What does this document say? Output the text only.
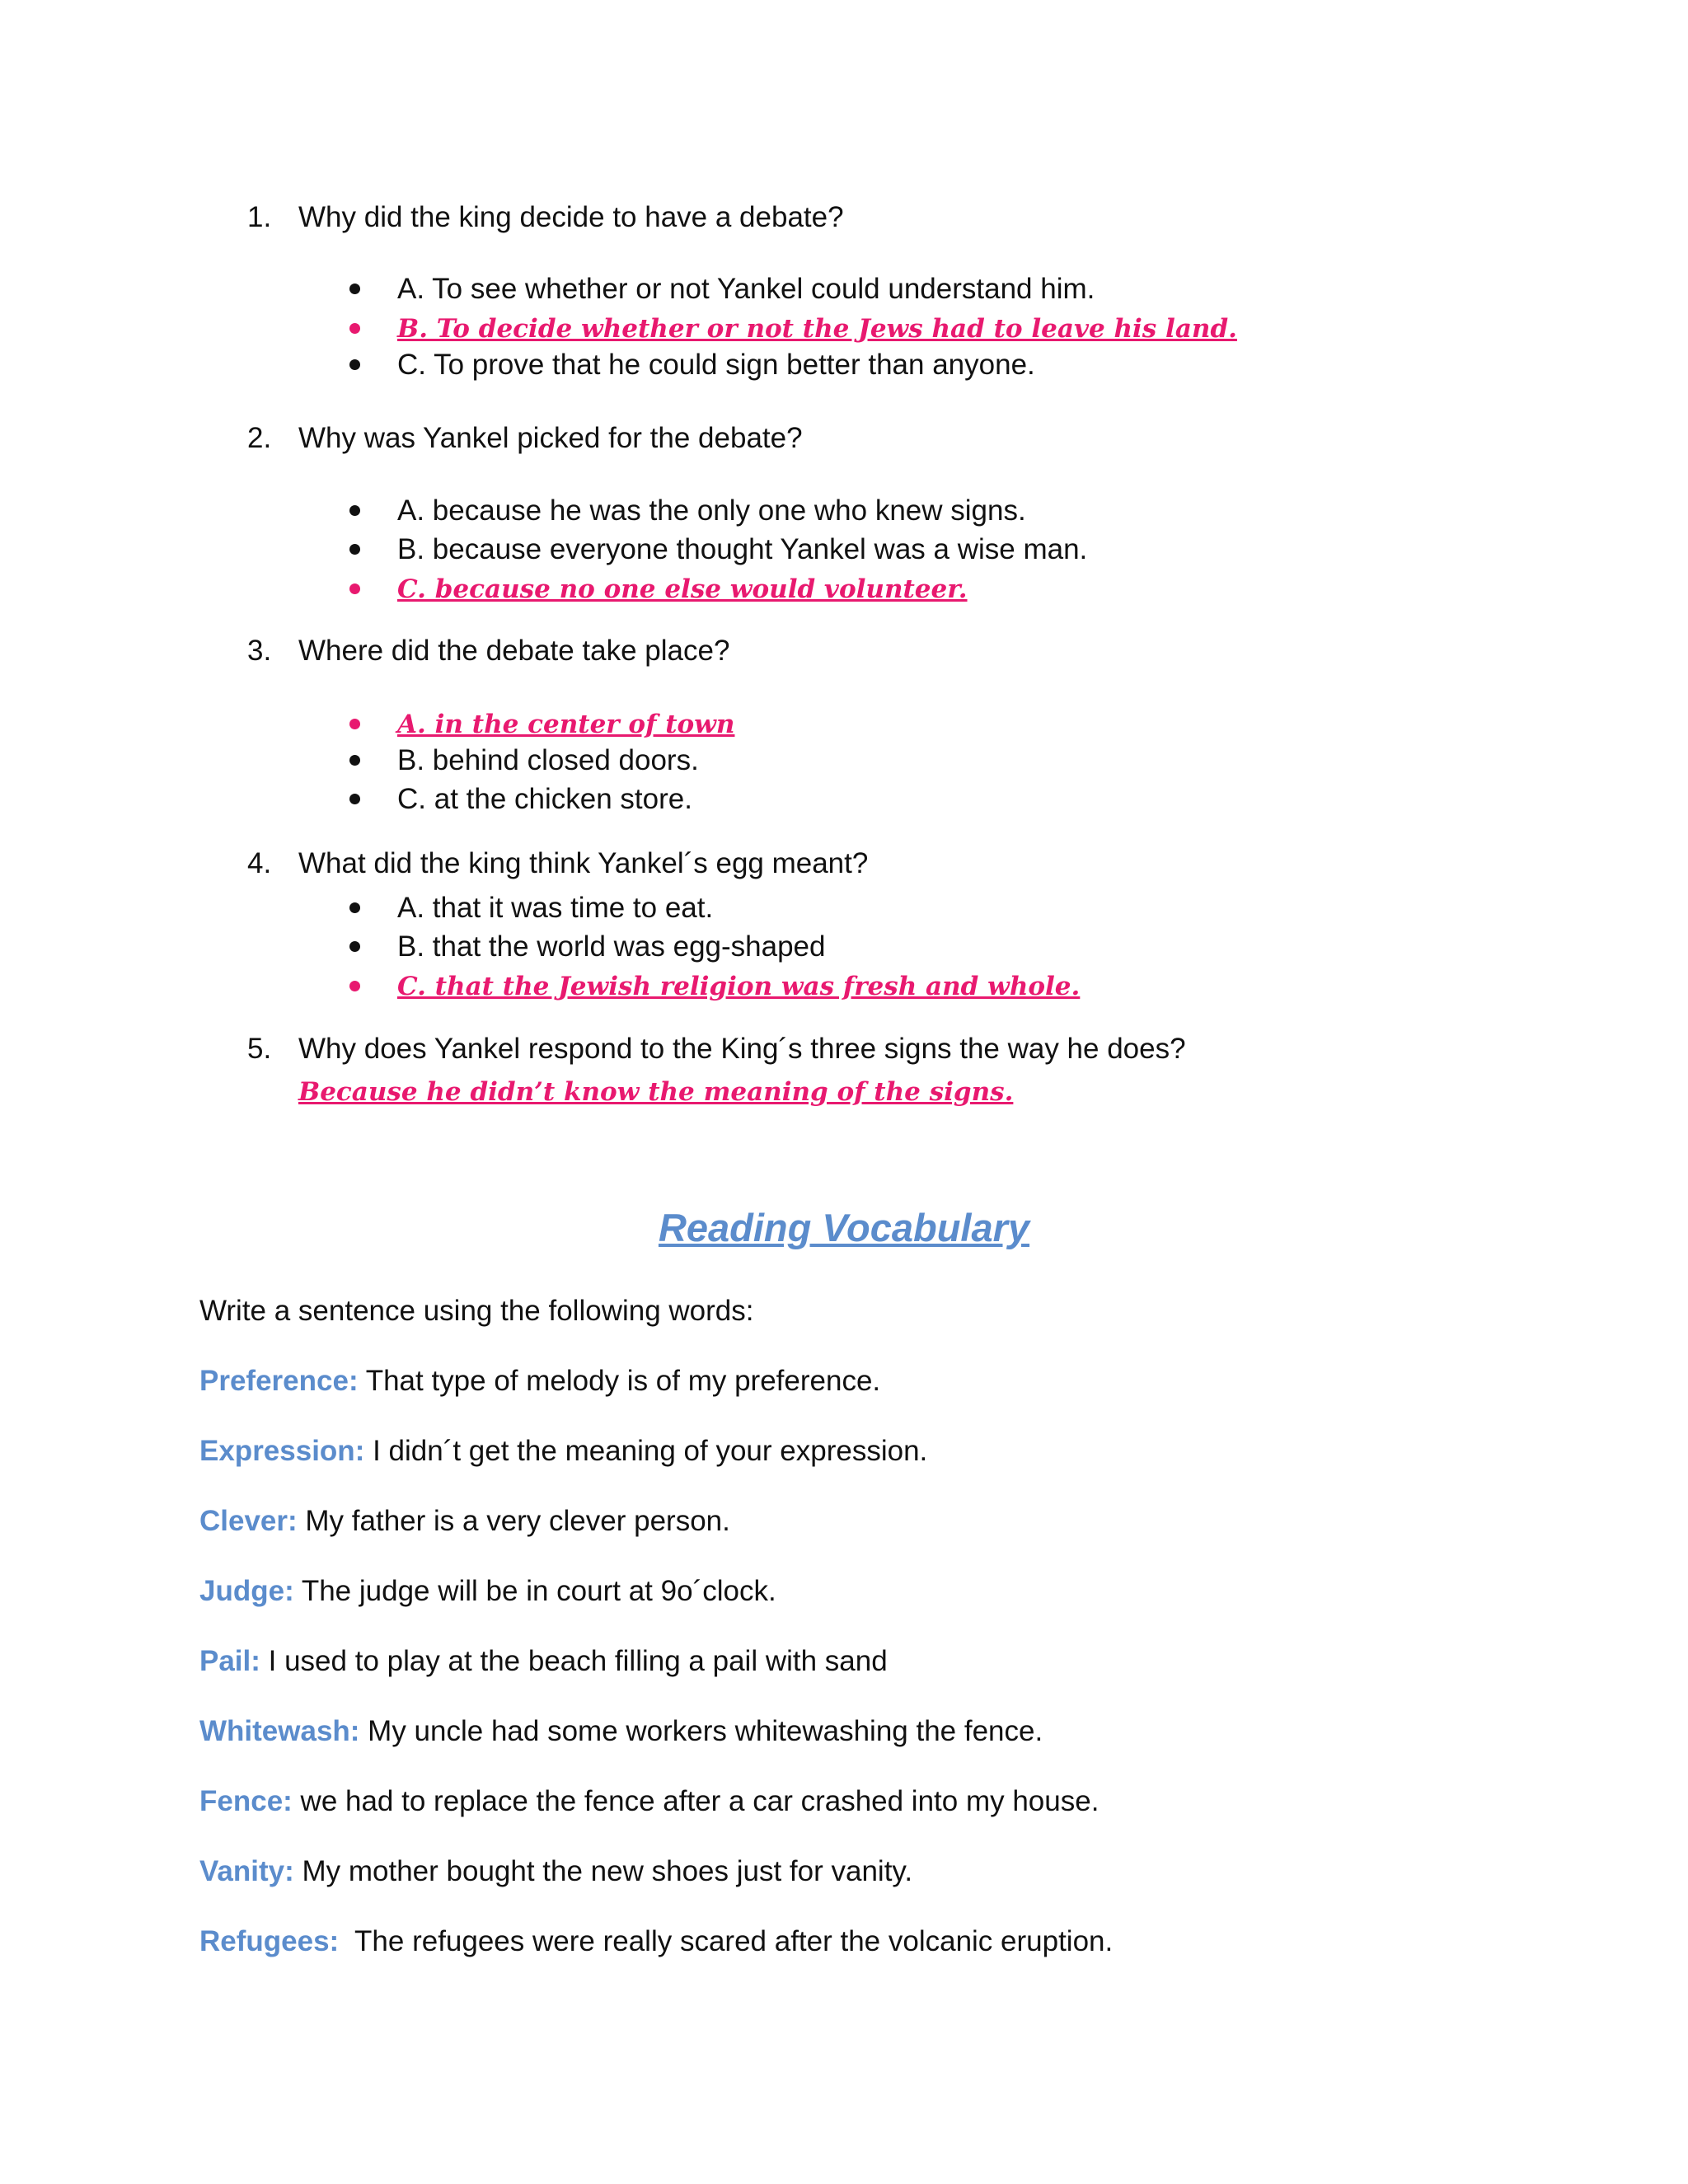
1. Why did the king decide to have a debate?
A. To see whether or not Yankel could understand him.
B. To decide whether or not the Jews had to leave his land.
C. To prove that he could sign better than anyone.
2. Why was Yankel picked for the debate?
A. because he was the only one who knew signs.
B. because everyone thought Yankel was a wise man.
C. because no one else would volunteer.
3. Where did the debate take place?
A. in the center of town
B. behind closed doors.
C. at the chicken store.
4. What did the king think Yankel´s egg meant?
A. that it was time to eat.
B. that the world was egg-shaped
C. that the Jewish religion was fresh and whole.
5. Why does Yankel respond to the King´s three signs the way he does?
Because he didn’t know the meaning of the signs.
Reading Vocabulary
Write a sentence using the following words:
Preference: That type of melody is of my preference.
Expression: I didn´t get the meaning of your expression.
Clever: My father is a very clever person.
Judge: The judge will be in court at 9o´clock.
Pail: I used to play at the beach filling a pail with sand
Whitewash: My uncle had some workers whitewashing the fence.
Fence: we had to replace the fence after a car crashed into my house.
Vanity: My mother bought the new shoes just for vanity.
Refugees:  The refugees were really scared after the volcanic eruption.
